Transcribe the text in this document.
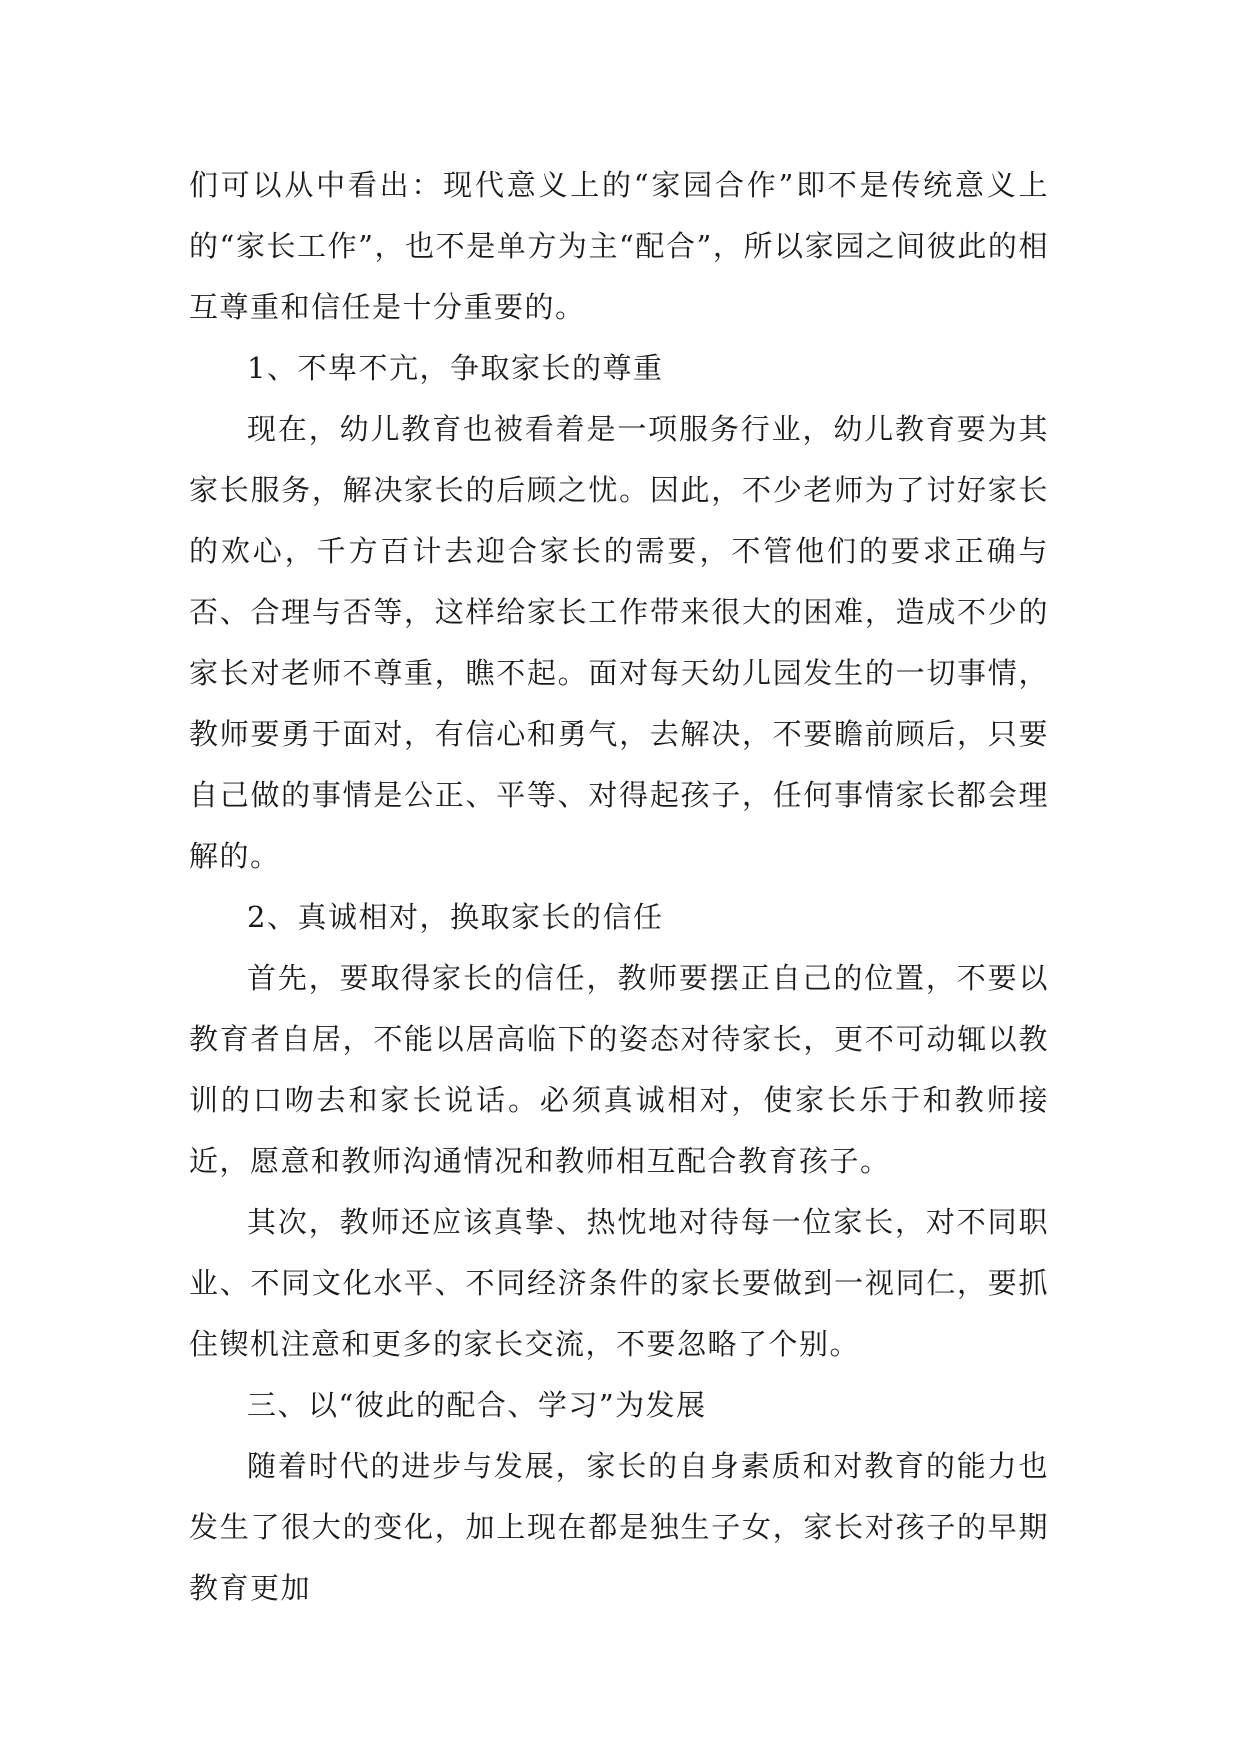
们可以从中看出：现代意义上的“家园合作”即不是传统意义上的“家长工作”，也不是单方为主“配合”，所以家园之间彼此的相互尊重和信任是十分重要的。

1、不卑不亢，争取家长的尊重

现在，幼儿教育也被看着是一项服务行业，幼儿教育要为其家长服务，解决家长的后顾之忧。因此，不少老师为了讨好家长的欢心，千方百计去迎合家长的需要，不管他们的要求正确与否、合理与否等，这样给家长工作带来很大的困难，造成不少的家长对老师不尊重，瞧不起。面对每天幼儿园发生的一切事情，教师要勇于面对，有信心和勇气，去解决，不要瞻前顾后，只要自己做的事情是公正、平等、对得起孩子，任何事情家长都会理解的。

2、真诚相对，换取家长的信任

首先，要取得家长的信任，教师要摆正自己的位置，不要以教育者自居，不能以居高临下的姿态对待家长，更不可动辄以教训的口吻去和家长说话。必须真诚相对，使家长乐于和教师接近，愿意和教师沟通情况和教师相互配合教育孩子。

其次，教师还应该真挚、热忱地对待每一位家长，对不同职业、不同文化水平、不同经济条件的家长要做到一视同仁，要抓住锲机注意和更多的家长交流，不要忽略了个别。

三、以“彼此的配合、学习”为发展

随着时代的进步与发展，家长的自身素质和对教育的能力也发生了很大的变化，加上现在都是独生子女，家长对孩子的早期教育更加
